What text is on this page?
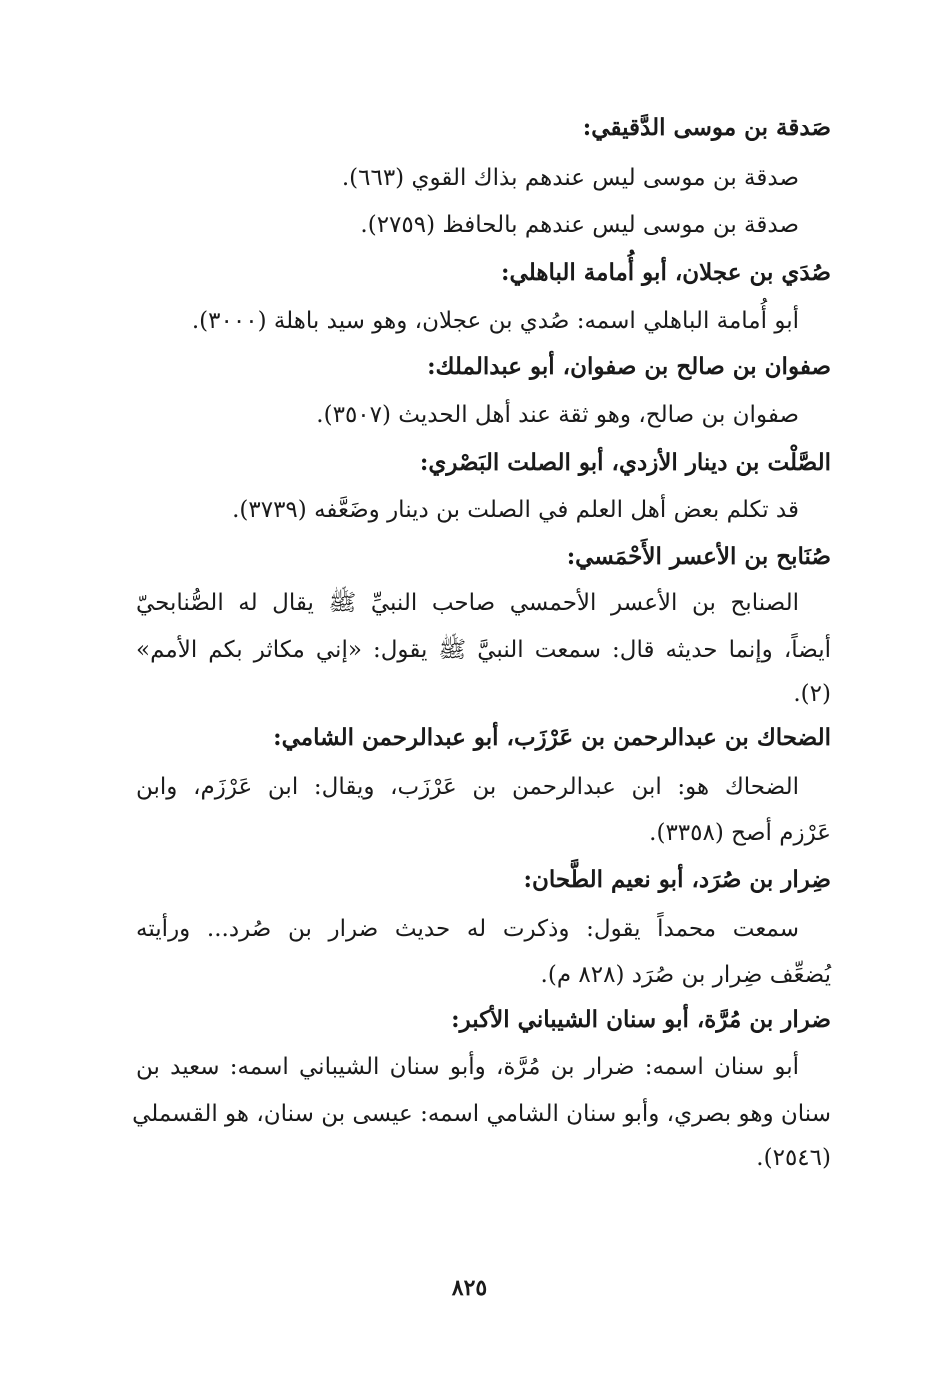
صَدقة بن موسى الدَّقيقي:
صدقة بن موسى ليس عندهم بذاك القوي (٦٦٣).
صدقة بن موسى ليس عندهم بالحافظ (٢٧٥٩).
صُدَي بن عجلان، أبو أُمامة الباهلي:
أبو أُمامة الباهلي اسمه: صُدي بن عجلان، وهو سيد باهلة (٣٠٠٠).
صفوان بن صالح بن صفوان، أبو عبدالملك:
صفوان بن صالح، وهو ثقة عند أهل الحديث (٣٥٠٧).
الصَّلْت بن دينار الأزدي، أبو الصلت البَصْري:
قد تكلم بعض أهل العلم في الصلت بن دينار وضَعَّفه (٣٧٣٩).
صُنَابح بن الأعسر الأَحْمَسي:
الصنابح بن الأعسر الأحمسي صاحب النبيِّ ﷺ يقال له الصُّنابحيّ
أيضاً، وإنما حديثه قال: سمعت النبيَّ ﷺ يقول: «إني مكاثر بكم الأمم»
(٢).
الضحاك بن عبدالرحمن بن عَرْزَب، أبو عبدالرحمن الشامي:
الضحاك هو: ابن عبدالرحمن بن عَرْزَب، ويقال: ابن عَرْزَم، وابن
عَرْزم أصح (٣٣٥٨).
ضِرار بن صُرَد، أبو نعيم الطَّحان:
سمعت محمداً يقول: وذكرت له حديث ضرار بن صُرد... ورأيته
يُضعِّف ضِرار بن صُرَد (٨٢٨ م).
ضرار بن مُرَّة، أبو سنان الشيباني الأكبر:
أبو سنان اسمه: ضرار بن مُرَّة، وأبو سنان الشيباني اسمه: سعيد بن
سنان وهو بصري، وأبو سنان الشامي اسمه: عيسى بن سنان، هو القسملي
(٢٥٤٦).
٨٢٥
